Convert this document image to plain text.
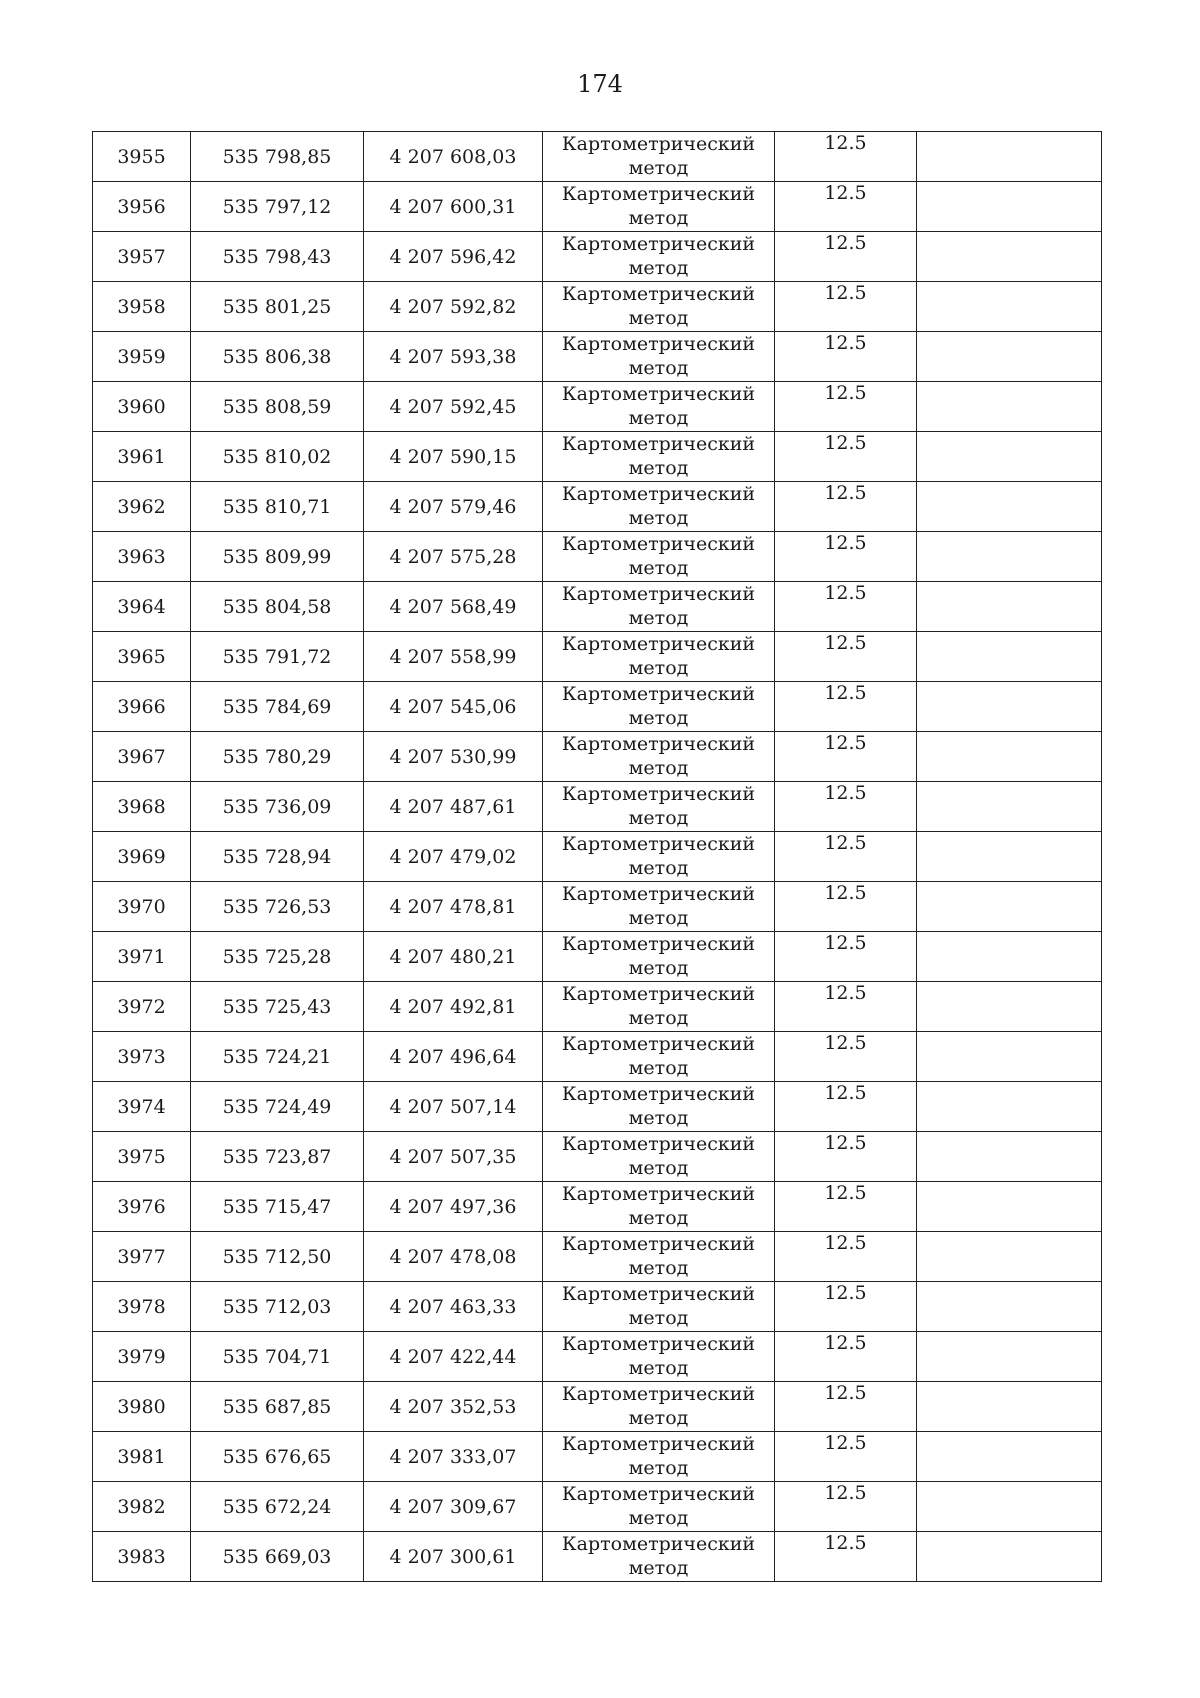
174
3955	535 798,85	4 207 608,03	Картометрический
метод	12.5	
3956	535 797,12	4 207 600,31	Картометрический
метод	12.5	
3957	535 798,43	4 207 596,42	Картометрический
метод	12.5	
3958	535 801,25	4 207 592,82	Картометрический
метод	12.5	
3959	535 806,38	4 207 593,38	Картометрический
метод	12.5	
3960	535 808,59	4 207 592,45	Картометрический
метод	12.5	
3961	535 810,02	4 207 590,15	Картометрический
метод	12.5	
3962	535 810,71	4 207 579,46	Картометрический
метод	12.5	
3963	535 809,99	4 207 575,28	Картометрический
метод	12.5	
3964	535 804,58	4 207 568,49	Картометрический
метод	12.5	
3965	535 791,72	4 207 558,99	Картометрический
метод	12.5	
3966	535 784,69	4 207 545,06	Картометрический
метод	12.5	
3967	535 780,29	4 207 530,99	Картометрический
метод	12.5	
3968	535 736,09	4 207 487,61	Картометрический
метод	12.5	
3969	535 728,94	4 207 479,02	Картометрический
метод	12.5	
3970	535 726,53	4 207 478,81	Картометрический
метод	12.5	
3971	535 725,28	4 207 480,21	Картометрический
метод	12.5	
3972	535 725,43	4 207 492,81	Картометрический
метод	12.5	
3973	535 724,21	4 207 496,64	Картометрический
метод	12.5	
3974	535 724,49	4 207 507,14	Картометрический
метод	12.5	
3975	535 723,87	4 207 507,35	Картометрический
метод	12.5	
3976	535 715,47	4 207 497,36	Картометрический
метод	12.5	
3977	535 712,50	4 207 478,08	Картометрический
метод	12.5	
3978	535 712,03	4 207 463,33	Картометрический
метод	12.5	
3979	535 704,71	4 207 422,44	Картометрический
метод	12.5	
3980	535 687,85	4 207 352,53	Картометрический
метод	12.5	
3981	535 676,65	4 207 333,07	Картометрический
метод	12.5	
3982	535 672,24	4 207 309,67	Картометрический
метод	12.5	
3983	535 669,03	4 207 300,61	Картометрический
метод	12.5	
